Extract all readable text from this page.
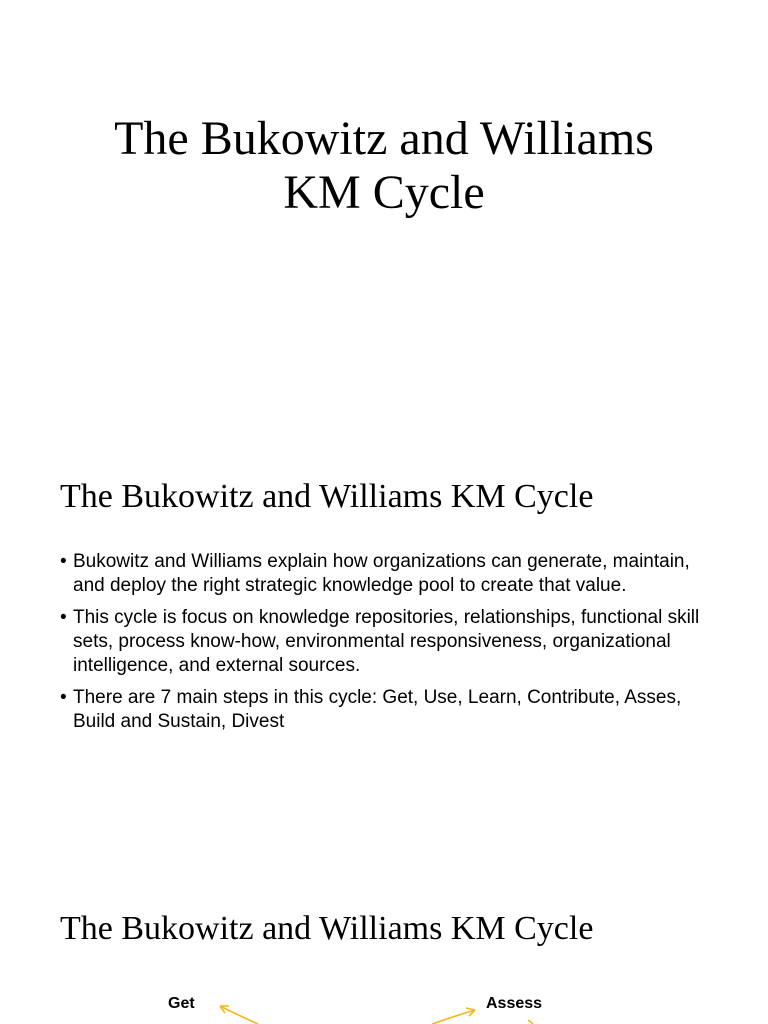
The Bukowitz and Williams
KM Cycle
The Bukowitz and Williams KM Cycle
• Bukowitz and Williams explain how organizations can generate, maintain, and deploy the right strategic knowledge pool to create that value.
• This cycle is focus on knowledge repositories, relationships, functional skill sets, process know-how, environmental responsiveness, organizational intelligence, and external sources.
• There are 7 main steps in this cycle: Get, Use, Learn, Contribute, Asses, Build and Sustain, Divest
The Bukowitz and Williams KM Cycle
Get	Assess
